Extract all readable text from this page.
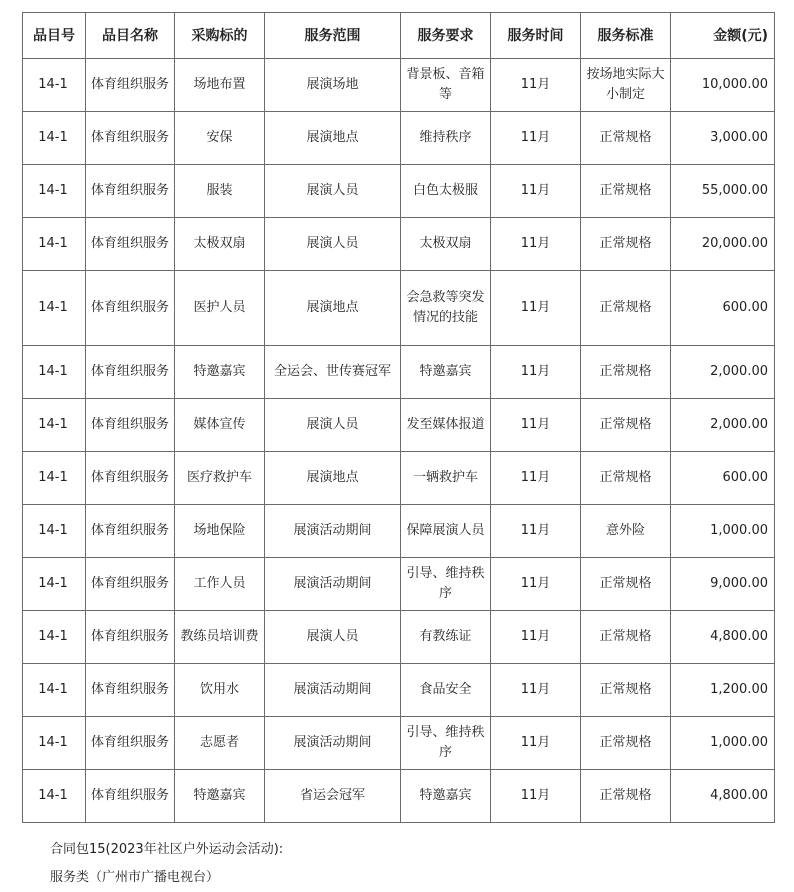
品目号	品目名称	采购标的	服务范围	服务要求	服务时间	服务标准	金额(元)
14-1	体育组织服务	场地布置	展演场地	背景板、音箱等	11月	按场地实际大小制定	10,000.00
14-1	体育组织服务	安保	展演地点	维持秩序	11月	正常规格	3,000.00
14-1	体育组织服务	服装	展演人员	白色太极服	11月	正常规格	55,000.00
14-1	体育组织服务	太极双扇	展演人员	太极双扇	11月	正常规格	20,000.00
14-1	体育组织服务	医护人员	展演地点	会急救等突发情况的技能	11月	正常规格	600.00
14-1	体育组织服务	特邀嘉宾	全运会、世传赛冠军	特邀嘉宾	11月	正常规格	2,000.00
14-1	体育组织服务	媒体宣传	展演人员	发至媒体报道	11月	正常规格	2,000.00
14-1	体育组织服务	医疗救护车	展演地点	一辆救护车	11月	正常规格	600.00
14-1	体育组织服务	场地保险	展演活动期间	保障展演人员	11月	意外险	1,000.00
14-1	体育组织服务	工作人员	展演活动期间	引导、维持秩序	11月	正常规格	9,000.00
14-1	体育组织服务	教练员培训费	展演人员	有教练证	11月	正常规格	4,800.00
14-1	体育组织服务	饮用水	展演活动期间	食品安全	11月	正常规格	1,200.00
14-1	体育组织服务	志愿者	展演活动期间	引导、维持秩序	11月	正常规格	1,000.00
14-1	体育组织服务	特邀嘉宾	省运会冠军	特邀嘉宾	11月	正常规格	4,800.00
合同包15(2023年社区户外运动会活动):
服务类（广州市广播电视台）
